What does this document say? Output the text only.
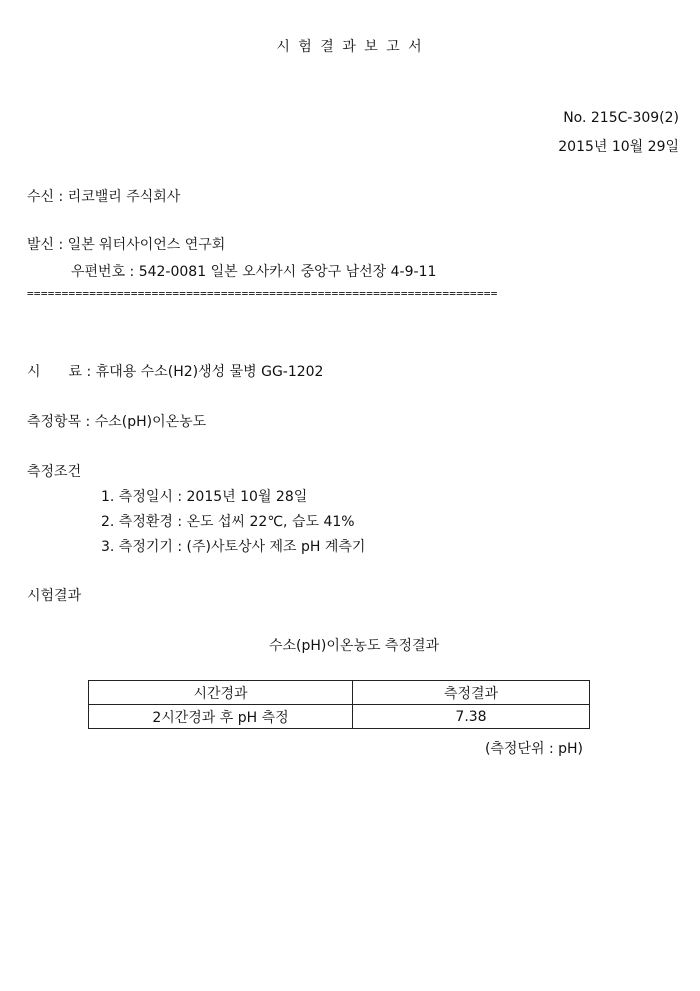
시 험 결 과 보 고 서
No. 215C-309(2)
2015년 10월 29일
수신 : 리코밸리 주식회사
발신 : 일본 워터사이언스 연구회
우편번호 : 542-0081 일본 오사카시 중앙구 남선장 4-9-11
====================================================================
시　　료 : 휴대용 수소(H2)생성 물병 GG-1202
측정항목 : 수소(pH)이온농도
측정조건
1. 측정일시 : 2015년 10월 28일
2. 측정환경 : 온도 섭씨 22℃, 습도 41%
3. 측정기기 : (주)사토상사 제조 pH 계측기
시험결과
수소(pH)이온농도 측정결과
시간경과	측정결과
2시간경과 후 pH 측정	7.38
(측정단위 : pH)
